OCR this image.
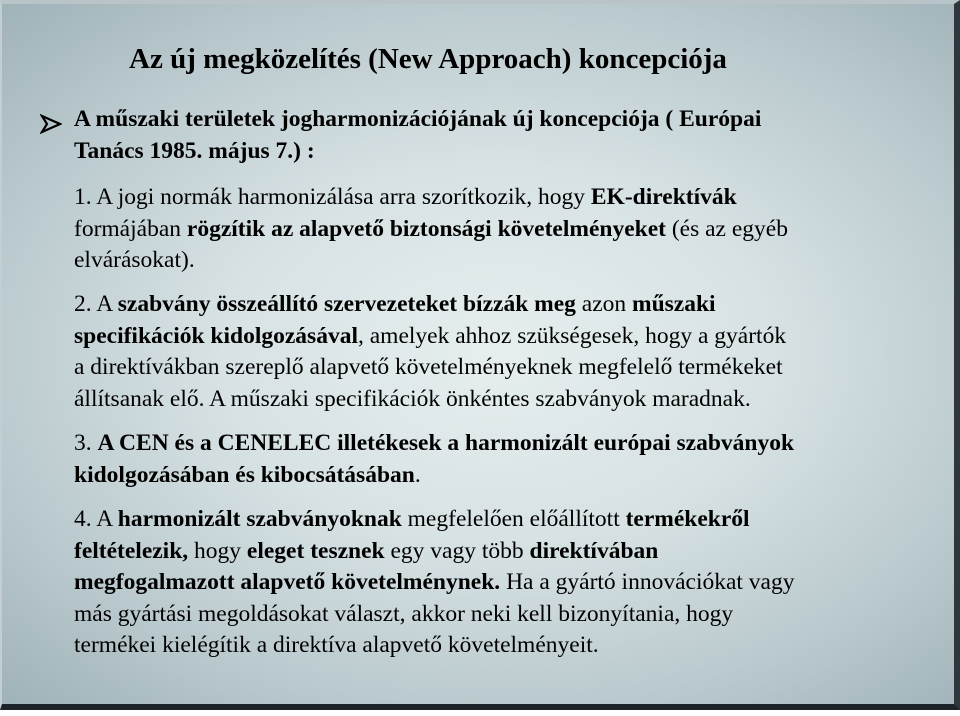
Az új megközelítés (New Approach) koncepciója

A műszaki területek jogharmonizációjának új koncepciója ( Európai
Tanács 1985. május 7.) :

1. A jogi normák harmonizálása arra szorítkozik, hogy EK-direktívák
formájában rögzítik az alapvető biztonsági követelményeket (és az egyéb
elvárásokat).

2. A szabvány összeállító szervezeteket bízzák meg azon műszaki
specifikációk kidolgozásával, amelyek ahhoz szükségesek, hogy a gyártók
a direktívákban szereplő alapvető követelményeknek megfelelő termékeket
állítsanak elő. A műszaki specifikációk önkéntes szabványok maradnak.

3. A CEN és a CENELEC illetékesek a harmonizált európai szabványok
kidolgozásában és kibocsátásában.

4. A harmonizált szabványoknak megfelelően előállított termékekről
feltételezik, hogy eleget tesznek egy vagy több direktívában
megfogalmazott alapvető követelménynek. Ha a gyártó innovációkat vagy
más gyártási megoldásokat választ, akkor neki kell bizonyítania, hogy
termékei kielégítik a direktíva alapvető követelményeit.
